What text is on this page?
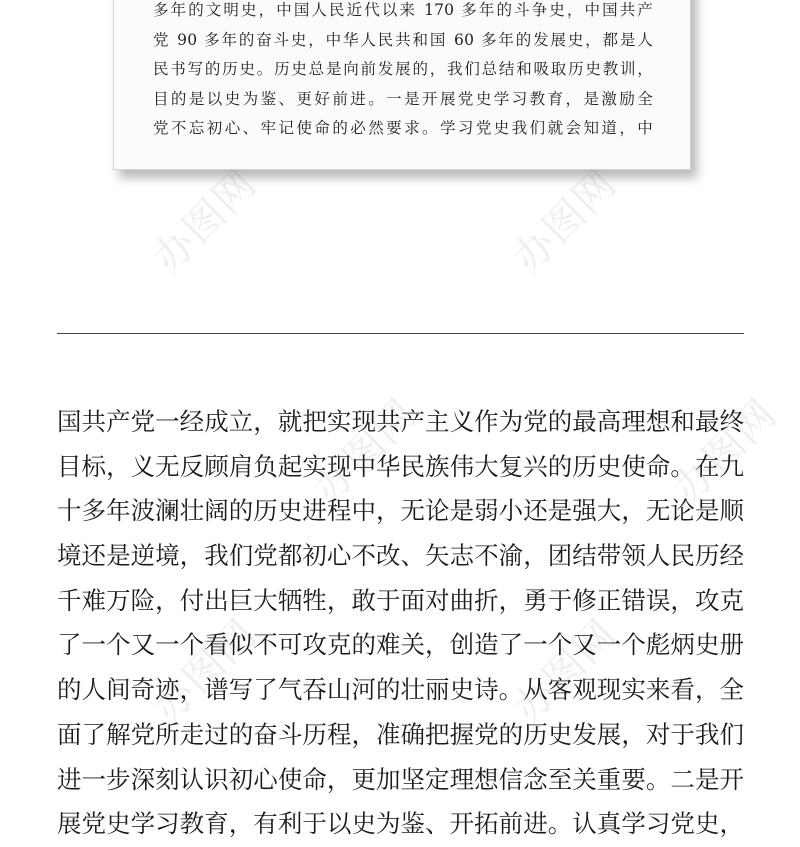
办图网	办图网
办图网	办图网
办图网	办图网
多年的文明史，中国人民近代以来 170 多年的斗争史，中国共产
党 90 多年的奋斗史，中华人民共和国 60 多年的发展史，都是人
民书写的历史。历史总是向前发展的，我们总结和吸取历史教训，
目的是以史为鉴、更好前进。一是开展党史学习教育，是激励全
党不忘初心、牢记使命的必然要求。学习党史我们就会知道，中
国共产党一经成立，就把实现共产主义作为党的最高理想和最终
目标，义无反顾肩负起实现中华民族伟大复兴的历史使命。在九
十多年波澜壮阔的历史进程中，无论是弱小还是强大，无论是顺
境还是逆境，我们党都初心不改、矢志不渝，团结带领人民历经
千难万险，付出巨大牺牲，敢于面对曲折，勇于修正错误，攻克
了一个又一个看似不可攻克的难关，创造了一个又一个彪炳史册
的人间奇迹，谱写了气吞山河的壮丽史诗。从客观现实来看，全
面了解党所走过的奋斗历程，准确把握党的历史发展，对于我们
进一步深刻认识初心使命，更加坚定理想信念至关重要。二是开
展党史学习教育，有利于以史为鉴、开拓前进。认真学习党史，
